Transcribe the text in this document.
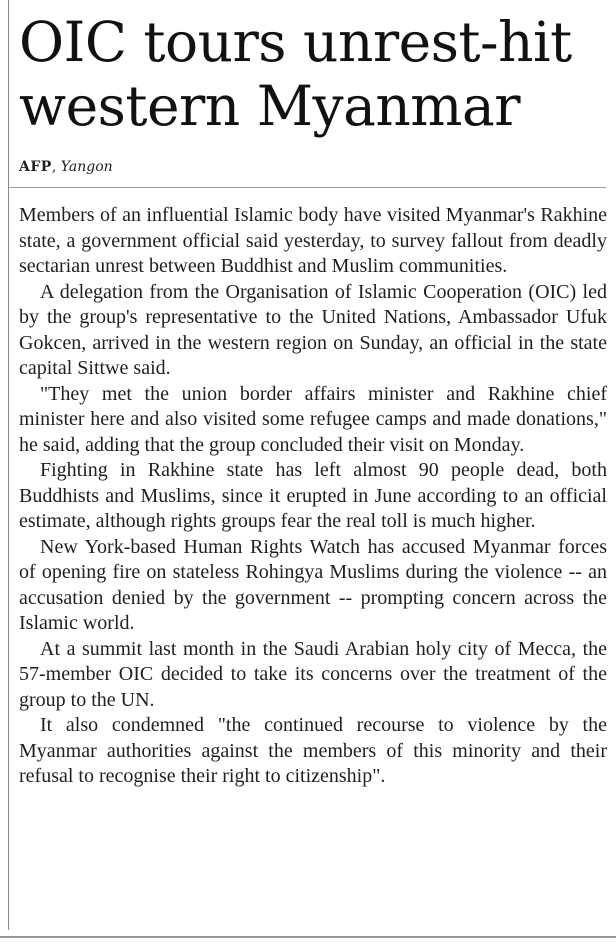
OIC tours unrest-hit
western Myanmar
AFP, Yangon

Members of an influential Islamic body have visited Myanmar's Rakhine state, a government official said yesterday, to survey fallout from deadly sectarian unrest between Buddhist and Muslim communities.

A delegation from the Organisation of Islamic Cooperation (OIC) led by the group's representative to the United Nations, Ambassador Ufuk Gokcen, arrived in the western region on Sunday, an official in the state capital Sittwe said.

"They met the union border affairs minister and Rakhine chief minister here and also visited some refugee camps and made donations," he said, adding that the group concluded their visit on Monday.

Fighting in Rakhine state has left almost 90 people dead, both Buddhists and Muslims, since it erupted in June according to an official estimate, although rights groups fear the real toll is much higher.

New York-based Human Rights Watch has accused Myanmar forces of opening fire on stateless Rohingya Muslims during the violence -- an accusation denied by the government -- prompting concern across the Islamic world.

At a summit last month in the Saudi Arabian holy city of Mecca, the 57-member OIC decided to take its concerns over the treatment of the group to the UN.

It also condemned "the continued recourse to violence by the Myanmar authorities against the members of this minority and their refusal to recognise their right to citizenship".
